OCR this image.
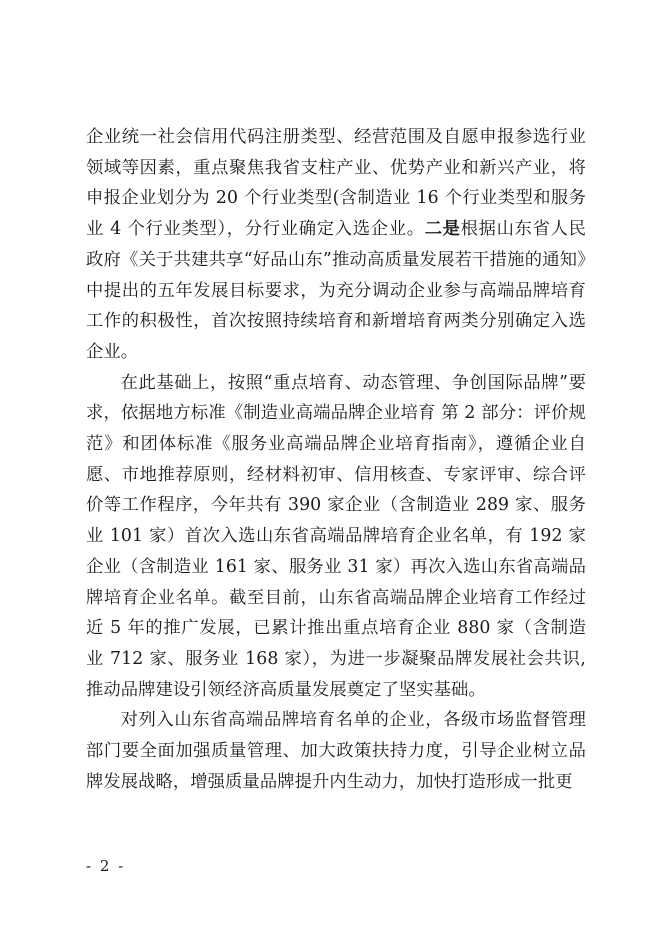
企业统一社会信用代码注册类型、经营范围及自愿申报参选行业领域等因素，重点聚焦我省支柱产业、优势产业和新兴产业，将申报企业划分为 20 个行业类型(含制造业 16 个行业类型和服务业 4 个行业类型），分行业确定入选企业。二是根据山东省人民政府《关于共建共享“好品山东”推动高质量发展若干措施的通知》中提出的五年发展目标要求，为充分调动企业参与高端品牌培育工作的积极性，首次按照持续培育和新增培育两类分别确定入选企业。

在此基础上，按照“重点培育、动态管理、争创国际品牌”要求，依据地方标准《制造业高端品牌企业培育 第 2 部分：评价规范》和团体标准《服务业高端品牌企业培育指南》，遵循企业自愿、市地推荐原则，经材料初审、信用核查、专家评审、综合评价等工作程序，今年共有 390 家企业（含制造业 289 家、服务业 101 家）首次入选山东省高端品牌培育企业名单，有 192 家企业（含制造业 161 家、服务业 31 家）再次入选山东省高端品牌培育企业名单。截至目前，山东省高端品牌企业培育工作经过近 5 年的推广发展，已累计推出重点培育企业 880 家（含制造业 712 家、服务业 168 家），为进一步凝聚品牌发展社会共识,推动品牌建设引领经济高质量发展奠定了坚实基础。

对列入山东省高端品牌培育名单的企业，各级市场监督管理部门要全面加强质量管理、加大政策扶持力度，引导企业树立品牌发展战略，增强质量品牌提升内生动力，加快打造形成一批更

- 2 -
